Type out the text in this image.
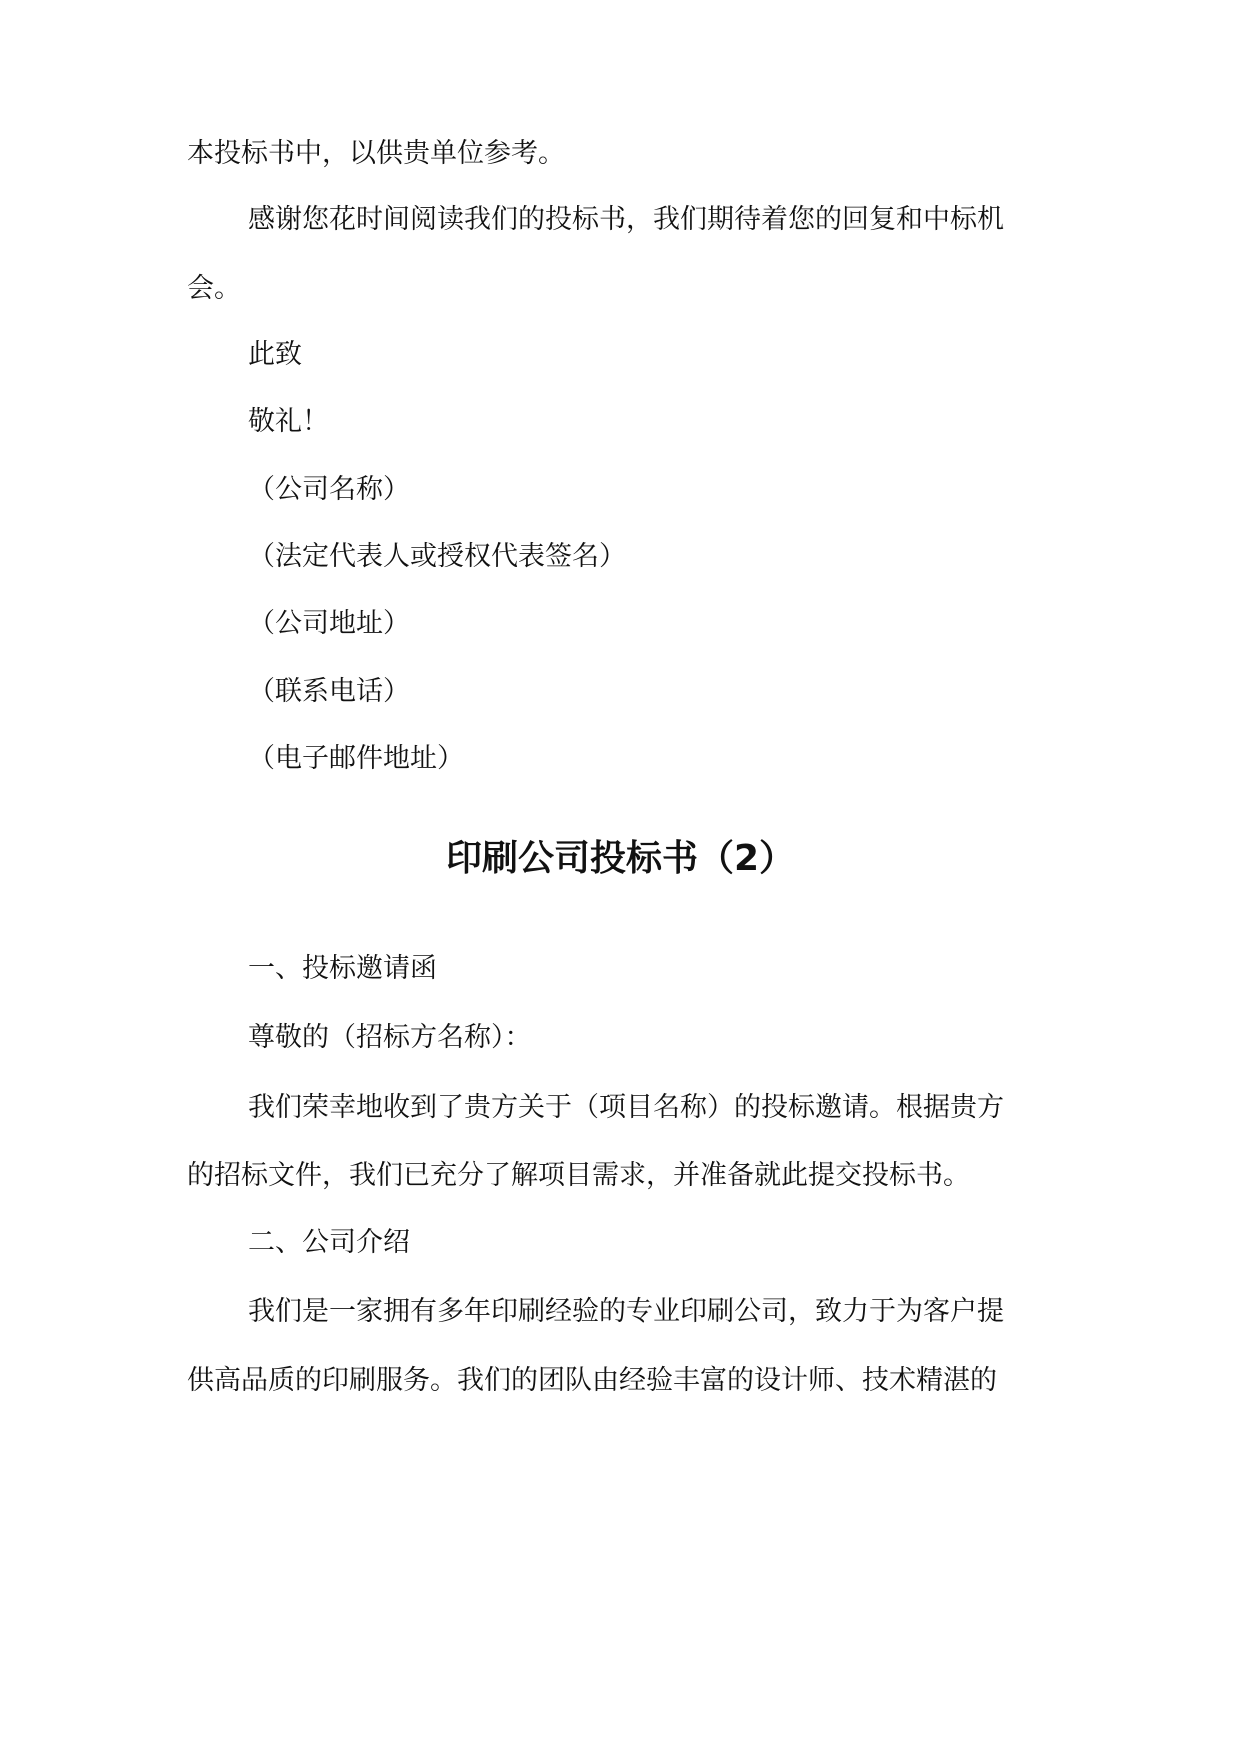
本投标书中，以供贵单位参考。
感谢您花时间阅读我们的投标书，我们期待着您的回复和中标机
会。
此致
敬礼！
（公司名称）
（法定代表人或授权代表签名）
（公司地址）
（联系电话）
（电子邮件地址）
印刷公司投标书（2）
一、投标邀请函
尊敬的（招标方名称）：
我们荣幸地收到了贵方关于（项目名称）的投标邀请。根据贵方
的招标文件，我们已充分了解项目需求，并准备就此提交投标书。
二、公司介绍
我们是一家拥有多年印刷经验的专业印刷公司，致力于为客户提
供高品质的印刷服务。我们的团队由经验丰富的设计师、技术精湛的
